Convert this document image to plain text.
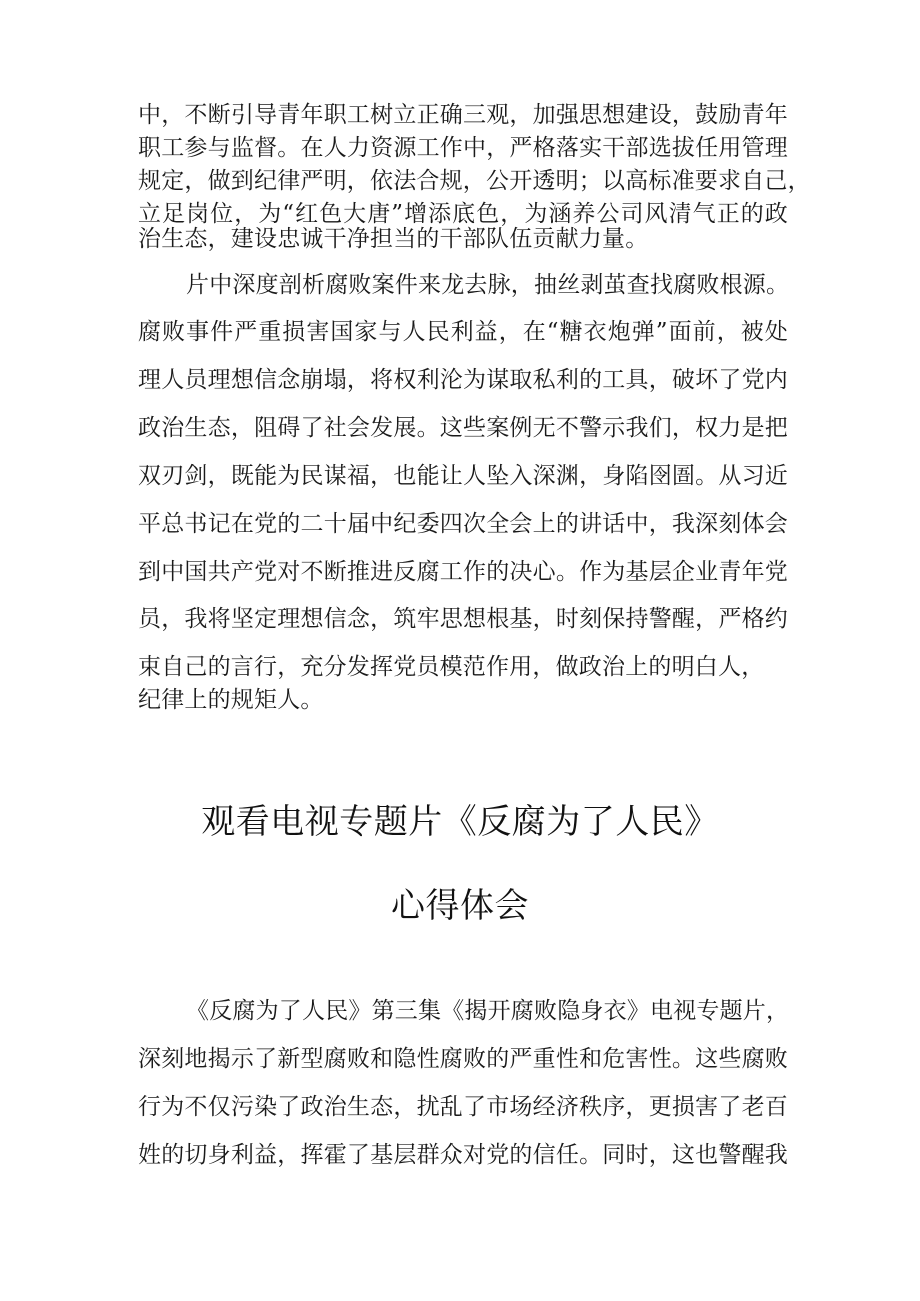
中，不断引导青年职工树立正确三观，加强思想建设，鼓励青年
职工参与监督。在人力资源工作中，严格落实干部选拔任用管理
规定，做到纪律严明，依法合规，公开透明；以高标准要求自己，
立足岗位，为“红色大唐”增添底色，为涵养公司风清气正的政
治生态，建设忠诚干净担当的干部队伍贡献力量。
片中深度剖析腐败案件来龙去脉，抽丝剥茧查找腐败根源。
腐败事件严重损害国家与人民利益，在“糖衣炮弹”面前，被处
理人员理想信念崩塌，将权利沦为谋取私利的工具，破坏了党内
政治生态，阻碍了社会发展。这些案例无不警示我们，权力是把
双刃剑，既能为民谋福，也能让人坠入深渊，身陷囹圄。从习近
平总书记在党的二十届中纪委四次全会上的讲话中，我深刻体会
到中国共产党对不断推进反腐工作的决心。作为基层企业青年党
员，我将坚定理想信念，筑牢思想根基，时刻保持警醒，严格约
束自己的言行，充分发挥党员模范作用，做政治上的明白人，
纪律上的规矩人。
观看电视专题片《反腐为了人民》
心得体会
《反腐为了人民》第三集《揭开腐败隐身衣》电视专题片，
深刻地揭示了新型腐败和隐性腐败的严重性和危害性。这些腐败
行为不仅污染了政治生态，扰乱了市场经济秩序，更损害了老百
姓的切身利益，挥霍了基层群众对党的信任。同时，这也警醒我
